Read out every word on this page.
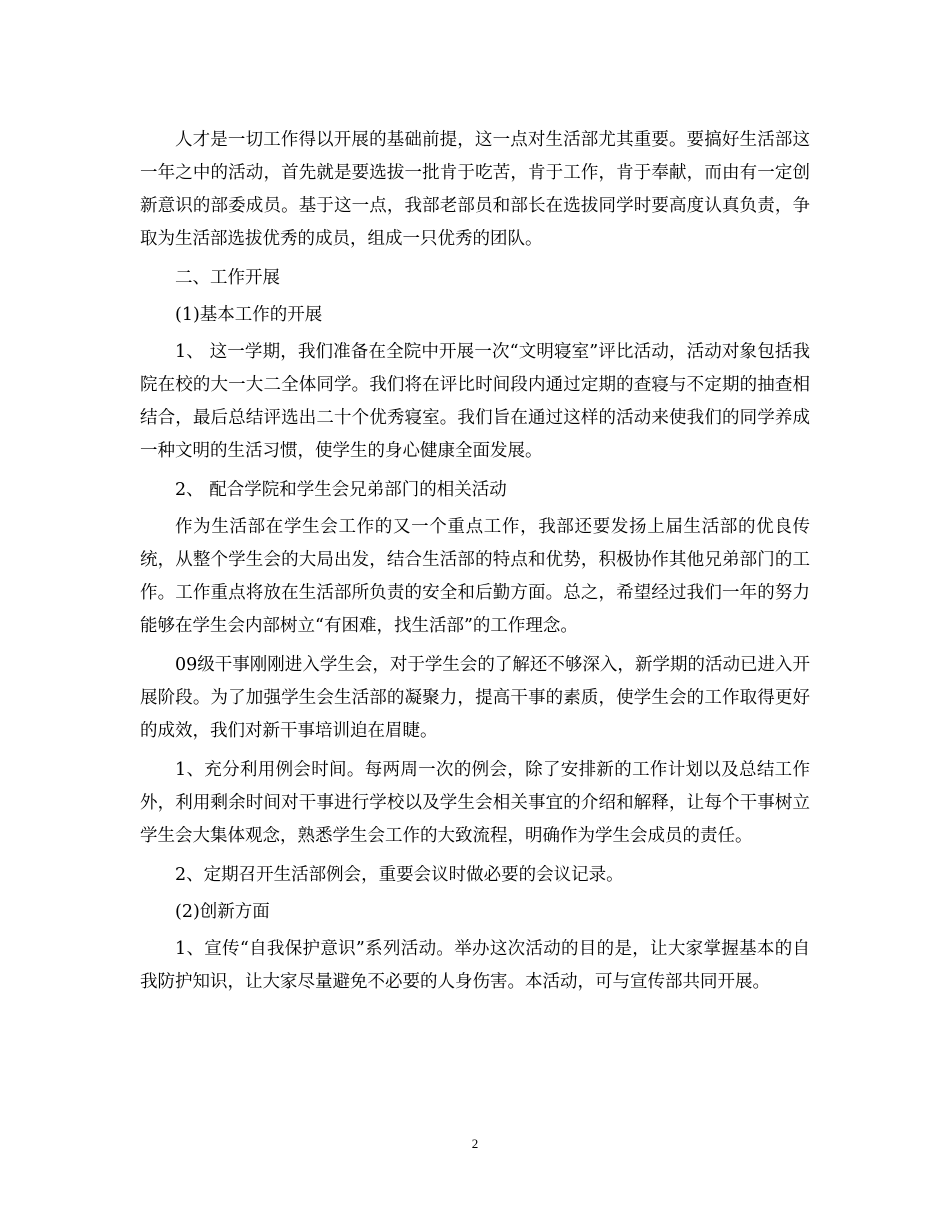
人才是一切工作得以开展的基础前提，这一点对生活部尤其重要。要搞好生活部这一年之中的活动，首先就是要选拔一批肯于吃苦，肯于工作，肯于奉献，而由有一定创新意识的部委成员。基于这一点，我部老部员和部长在选拔同学时要高度认真负责，争取为生活部选拔优秀的成员，组成一只优秀的团队。

二、工作开展

(1)基本工作的开展

1、 这一学期，我们准备在全院中开展一次“文明寝室”评比活动，活动对象包括我院在校的大一大二全体同学。我们将在评比时间段内通过定期的查寝与不定期的抽查相结合，最后总结评选出二十个优秀寝室。我们旨在通过这样的活动来使我们的同学养成一种文明的生活习惯，使学生的身心健康全面发展。

2、 配合学院和学生会兄弟部门的相关活动

作为生活部在学生会工作的又一个重点工作，我部还要发扬上届生活部的优良传统，从整个学生会的大局出发，结合生活部的特点和优势，积极协作其他兄弟部门的工作。工作重点将放在生活部所负责的安全和后勤方面。总之，希望经过我们一年的努力能够在学生会内部树立“有困难，找生活部”的工作理念。

09级干事刚刚进入学生会，对于学生会的了解还不够深入，新学期的活动已进入开展阶段。为了加强学生会生活部的凝聚力，提高干事的素质，使学生会的工作取得更好的成效，我们对新干事培训迫在眉睫。

1、充分利用例会时间。每两周一次的例会，除了安排新的工作计划以及总结工作外，利用剩余时间对干事进行学校以及学生会相关事宜的介绍和解释，让每个干事树立学生会大集体观念，熟悉学生会工作的大致流程，明确作为学生会成员的责任。

2、定期召开生活部例会，重要会议时做必要的会议记录。

(2)创新方面

1、宣传“自我保护意识”系列活动。举办这次活动的目的是，让大家掌握基本的自我防护知识，让大家尽量避免不必要的人身伤害。本活动，可与宣传部共同开展。

2
